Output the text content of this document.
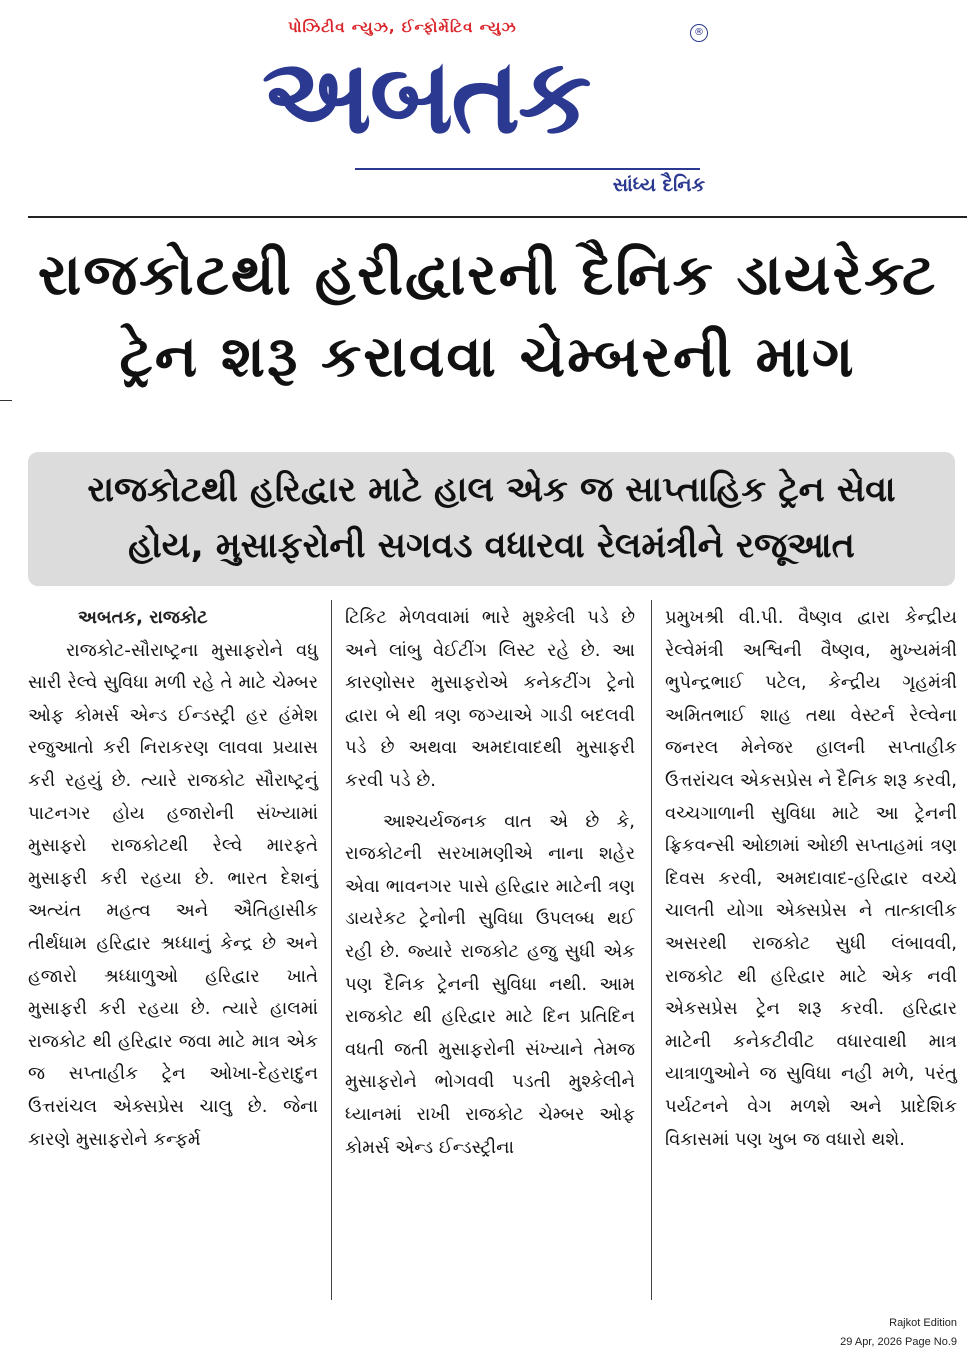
પોઝિટીવ ન્યુઝ, ઈન્ફોર્મેટિવ ન્યુઝ	®
અબતક
સાંધ્ય દૈનિક
રાજકોટથી હરીદ્વારની દૈનિક ડાયરેક્ટ ટ્રેન શરૂ કરાવવા ચેમ્બરની માગ
રાજકોટથી હરિદ્વાર માટે હાલ એક જ સાપ્તાહિક ટ્રેન સેવા હોય, મુસાફરોની સગવડ વધારવા રેલમંત્રીને રજૂઆત

અબતક, રાજકોટ

રાજકોટ-સૌરાષ્ટ્રના મુસાફરોને વધુ સારી રેલ્વે સુવિધા મળી રહે તે માટે ચેમ્બર ઓફ કોમર્સ એન્ડ ઈન્ડસ્ટ્રી હર હંમેશ રજુઆતો કરી નિરાકરણ લાવવા પ્રયાસ કરી રહયું છે. ત્યારે રાજકોટ સૌરાષ્ટ્રનું પાટનગર હોય હજારોની સંખ્યામાં મુસાફરો રાજકોટથી રેલ્વે મારફતે મુસાફરી કરી રહયા છે. ભારત દેશનું અત્યંત મહત્વ અને ઐતિહાસીક તીર્થધામ હરિદ્વાર શ્રધ્ધાનું કેન્દ્ર છે અને હજારો શ્રધ્ધાળુઓ હરિદ્વાર ખાતે મુસાફરી કરી રહયા છે. ત્યારે હાલમાં રાજકોટ થી હરિદ્વાર જવા માટે માત્ર એક જ સપ્તાહીક ટ્રેન ઓખા-દેહરાદુન ઉત્તરાંચલ એક્સપ્રેસ ચાલુ છે. જેના કારણે મુસાફરોને કન્ફર્મ

ટિકિટ મેળવવામાં ભારે મુશ્કેલી પડે છે અને લાંબુ વેઈટીંગ લિસ્ટ રહે છે. આ કારણોસર મુસાફરોએ કનેકટીંગ ટ્રેનો દ્વારા બે થી ત્રણ જગ્યાએ ગાડી બદલવી પડે છે અથવા અમદાવાદથી મુસાફરી કરવી પડે છે.

આશ્ચર્યજનક વાત એ છે કે, રાજકોટની સરખામણીએ નાના શહેર એવા ભાવનગર પાસે હરિદ્વાર માટેની ત્રણ ડાયરેકટ ટ્રેનોની સુવિધા ઉપલબ્ધ થઈ રહી છે. જ્યારે રાજકોટ હજુ સુધી એક પણ દૈનિક ટ્રેનની સુવિધા નથી. આમ રાજકોટ થી હરિદ્વાર માટે દિન પ્રતિદિન વધતી જતી મુસાફરોની સંખ્યાને તેમજ મુસાફરોને ભોગવવી પડતી મુશ્કેલીને ધ્યાનમાં રાખી રાજકોટ ચેમ્બર ઓફ કોમર્સ એન્ડ ઈન્ડસ્ટ્રીના

પ્રમુખશ્રી વી.પી. વૈષ્ણવ દ્વારા કેન્દ્રીય રેલ્વેમંત્રી અશ્વિની વૈષ્ણવ, મુખ્યમંત્રી ભુપેન્દ્રભાઈ પટેલ, કેન્દ્રીય ગૃહમંત્રી અમિતભાઈ શાહ તથા વેસ્ટર્ન રેલ્વેના જનરલ મેનેજર હાલની સપ્તાહીક ઉત્તરાંચલ એકસપ્રેસ ને દૈનિક શરૂ કરવી, વચ્ચગાળાની સુવિધા માટે આ ટ્રેનની ફ્રિકવન્સી ઓછામાં ઓછી સપ્તાહમાં ત્રણ દિવસ કરવી, અમદાવાદ-હરિદ્વાર વચ્ચે ચાલતી યોગા એક્સપ્રેસ ને તાત્કાલીક અસરથી રાજકોટ સુધી લંબાવવી, રાજકોટ થી હરિદ્વાર માટે એક નવી એકસપ્રેસ ટ્રેન શરૂ કરવી. હરિદ્વાર માટેની કનેકટીવીટ વધારવાથી માત્ર યાત્રાળુઓને જ સુવિધા નહી મળે, પરંતુ પર્યટનને વેગ મળશે અને પ્રાદેશિક વિકાસમાં પણ ખુબ જ વધારો થશે.

Rajkot Edition
29 Apr, 2026 Page No.9
